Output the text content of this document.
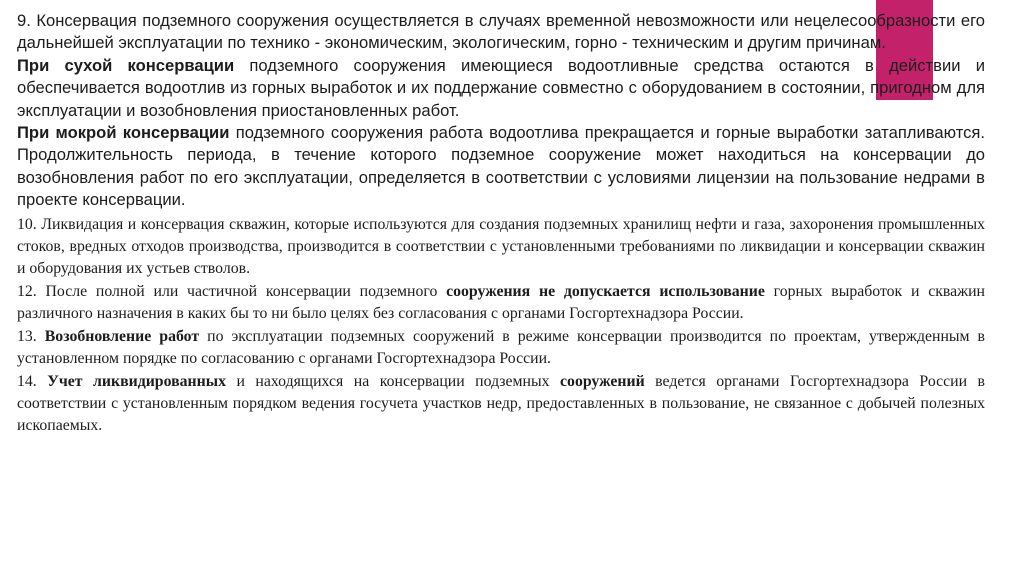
9. Консервация подземного сооружения осуществляется в случаях временной невозможности или нецелесообразности его дальнейшей эксплуатации по технико - экономическим, экологическим, горно - техническим и другим причинам.

При сухой консервации подземного сооружения имеющиеся водоотливные средства остаются в действии и обеспечивается водоотлив из горных выработок и их поддержание совместно с оборудованием в состоянии, пригодном для эксплуатации и возобновления приостановленных работ.

При мокрой консервации подземного сооружения работа водоотлива прекращается и горные выработки затапливаются. Продолжительность периода, в течение которого подземное сооружение может находиться на консервации до возобновления работ по его эксплуатации, определяется в соответствии с условиями лицензии на пользование недрами в проекте консервации.

10. Ликвидация и консервация скважин, которые используются для создания подземных хранилищ нефти и газа, захоронения промышленных стоков, вредных отходов производства, производится в соответствии с установленными требованиями по ликвидации и консервации скважин и оборудования их устьев стволов.

12. После полной или частичной консервации подземного сооружения не допускается использование горных выработок и скважин различного назначения в каких бы то ни было целях без согласования с органами Госгортехнадзора России.

13. Возобновление работ по эксплуатации подземных сооружений в режиме консервации производится по проектам, утвержденным в установленном порядке по согласованию с органами Госгортехнадзора России.

14. Учет ликвидированных и находящихся на консервации подземных сооружений ведется органами Госгортехнадзора России в соответствии с установленным порядком ведения госучета участков недр, предоставленных в пользование, не связанное с добычей полезных ископаемых.
